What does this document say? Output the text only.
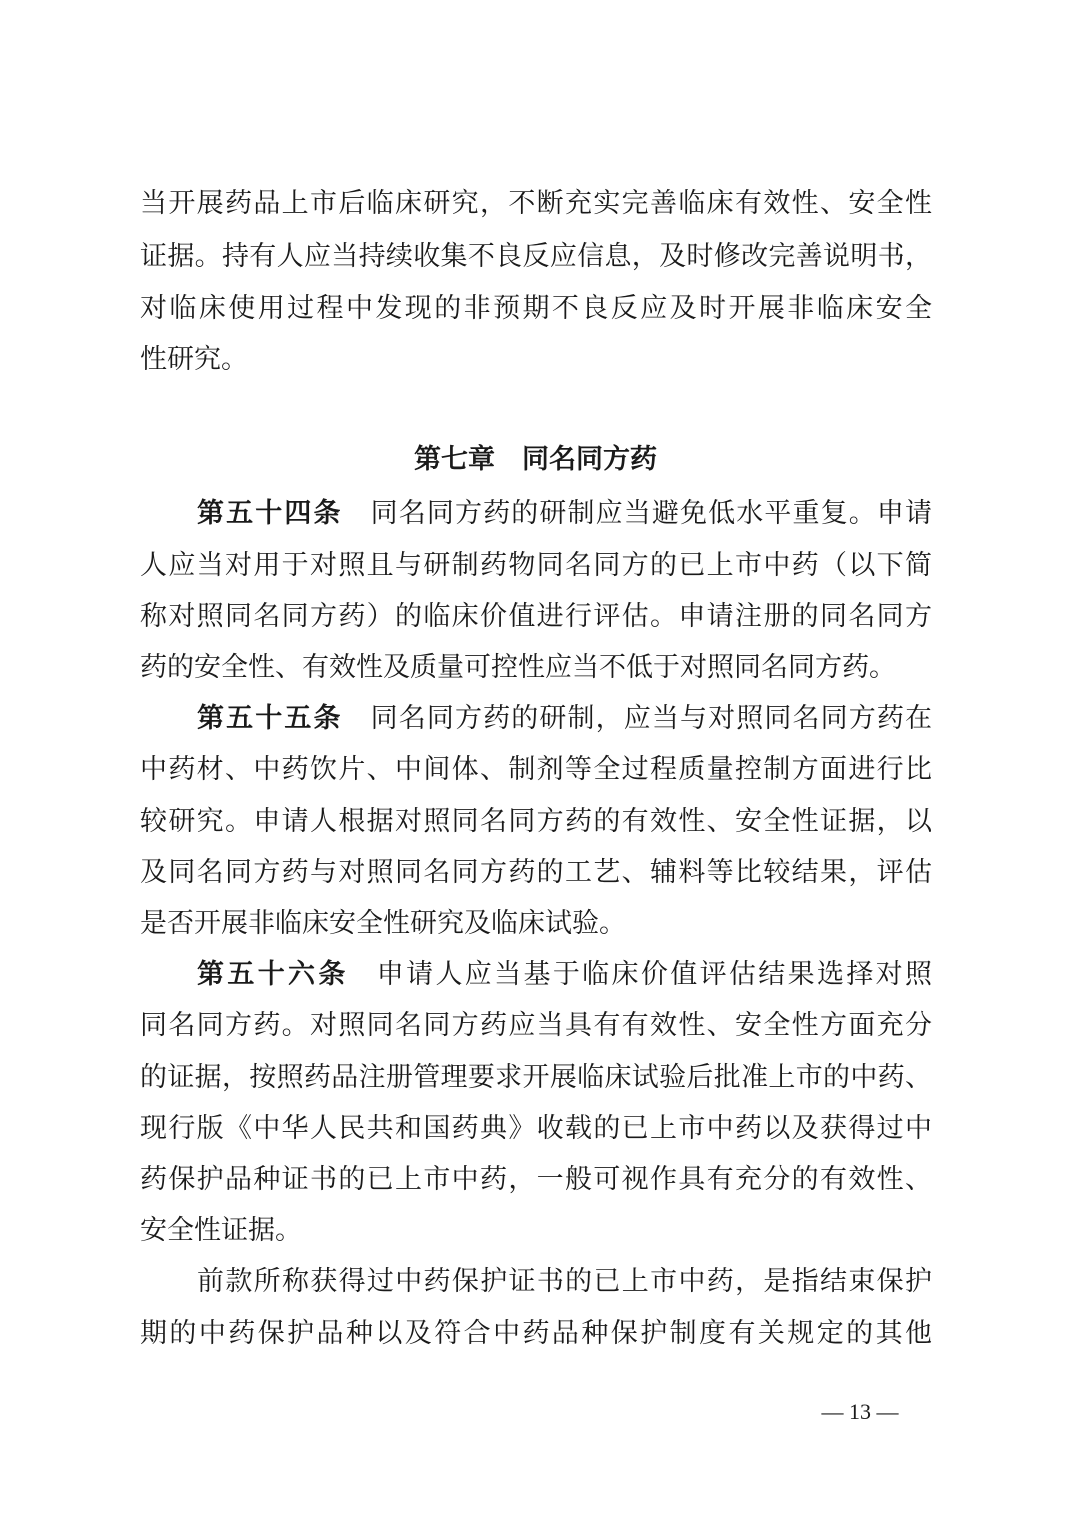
当开展药品上市后临床研究，不断充实完善临床有效性、安全性
证据。持有人应当持续收集不良反应信息，及时修改完善说明书，
对临床使用过程中发现的非预期不良反应及时开展非临床安全
性研究。
第七章　同名同方药
第五十四条 同名同方药的研制应当避免低水平重复。申请
人应当对用于对照且与研制药物同名同方的已上市中药（以下简
称对照同名同方药）的临床价值进行评估。申请注册的同名同方
药的安全性、有效性及质量可控性应当不低于对照同名同方药。
第五十五条 同名同方药的研制，应当与对照同名同方药在
中药材、中药饮片、中间体、制剂等全过程质量控制方面进行比
较研究。申请人根据对照同名同方药的有效性、安全性证据，以
及同名同方药与对照同名同方药的工艺、辅料等比较结果，评估
是否开展非临床安全性研究及临床试验。
第五十六条 申请人应当基于临床价值评估结果选择对照
同名同方药。对照同名同方药应当具有有效性、安全性方面充分
的证据，按照药品注册管理要求开展临床试验后批准上市的中药、
现行版《中华人民共和国药典》收载的已上市中药以及获得过中
药保护品种证书的已上市中药，一般可视作具有充分的有效性、
安全性证据。
前款所称获得过中药保护证书的已上市中药，是指结束保护
期的中药保护品种以及符合中药品种保护制度有关规定的其他
— 13 —
